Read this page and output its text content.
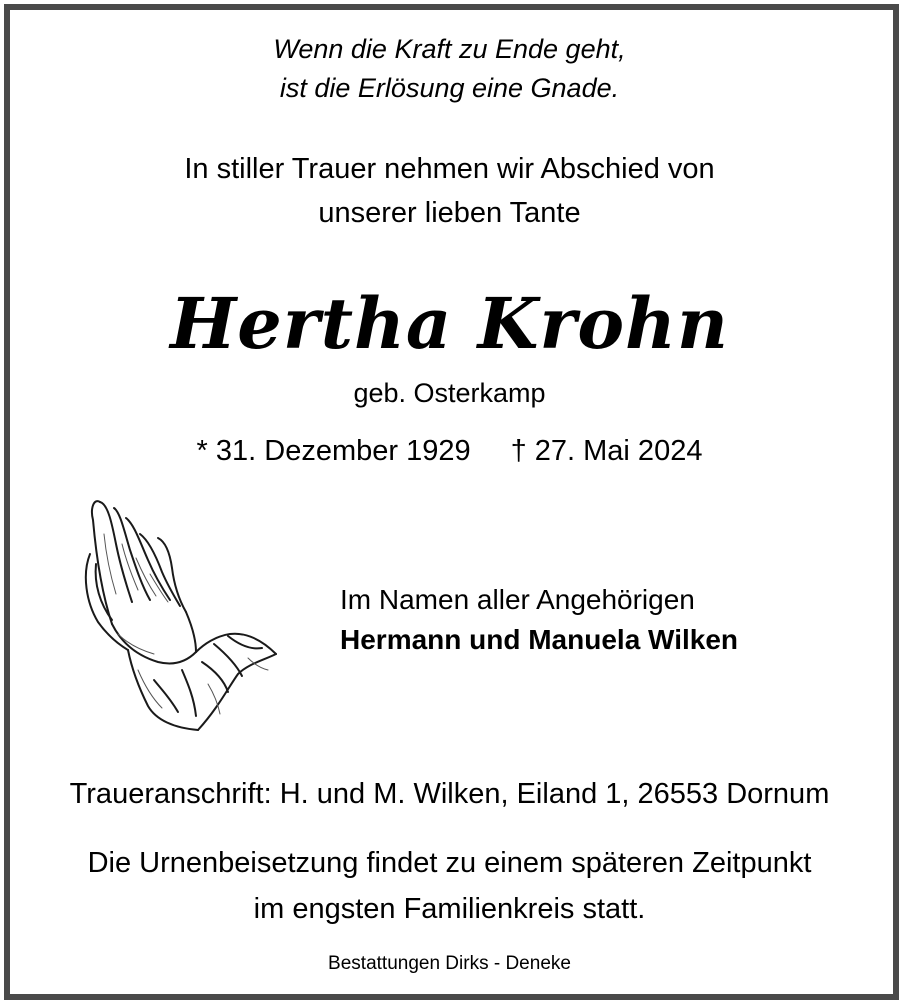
Wenn die Kraft zu Ende geht,
ist die Erlösung eine Gnade.
In stiller Trauer nehmen wir Abschied von
unserer lieben Tante
Hertha Krohn
geb. Osterkamp
* 31. Dezember 1929 † 27. Mai 2024
Im Namen aller Angehörigen
Hermann und Manuela Wilken
Traueranschrift: H. und M. Wilken, Eiland 1, 26553 Dornum
Die Urnenbeisetzung findet zu einem späteren Zeitpunkt
im engsten Familienkreis statt.
Bestattungen Dirks - Deneke
